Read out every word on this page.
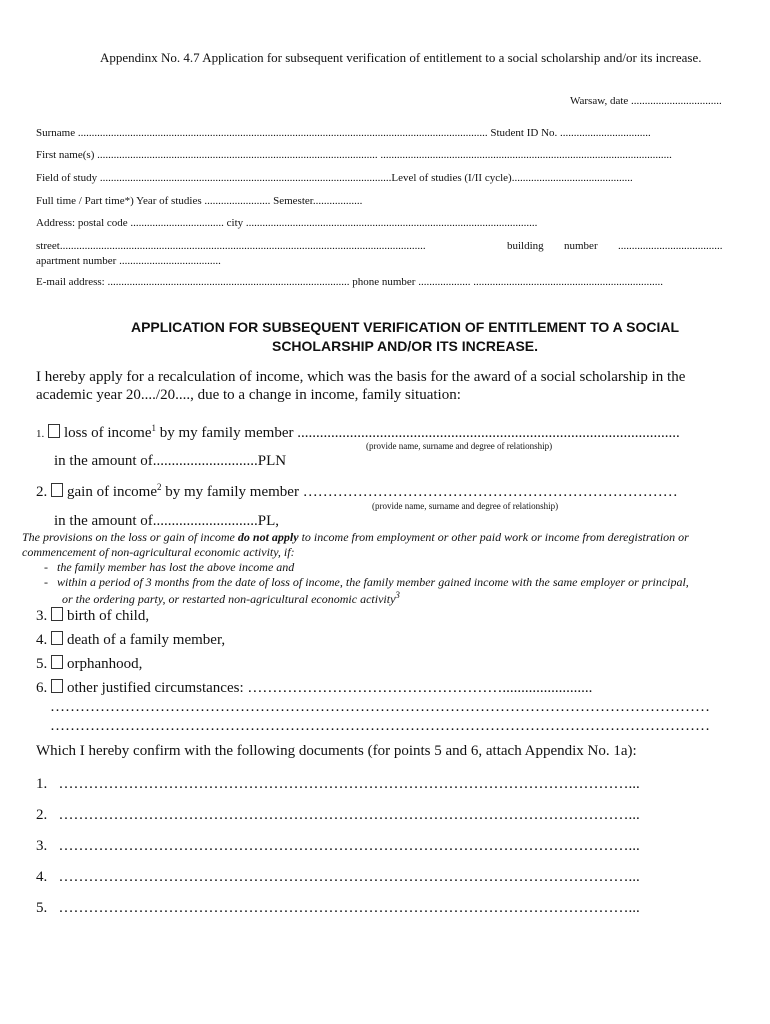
Appendinx No. 4.7 Application for subsequent verification of entitlement to a social scholarship and/or its increase.
Warsaw, date .................................
Surname ..................................................................................................................................................... Student ID No. .................................
First name(s) ...................................................................................................... ..........................................................................................................
Field of study ..........................................................................................................Level of studies (I/II cycle)............................................
Full time / Part time*) Year of studies ........................ Semester..................
Address: postal code .................................. city ..........................................................................................................
street.....................................................................................................................................	building number ......................................
apartment number .....................................
E-mail address: ........................................................................................ phone number ................... .....................................................................
APPLICATION FOR SUBSEQUENT VERIFICATION OF ENTITLEMENT TO A SOCIAL
SCHOLARSHIP AND/OR ITS INCREASE.
I hereby apply for a recalculation of income, which was the basis for the award of a social scholarship in the
academic year 20..../20...., due to a change in income, family situation:
1. loss of income$^1$ by my family member ......................................................................................................
(provide name, surname and degree of relationship)
in the amount of............................PLN
2. gain of income$^2$ by my family member …………………………………………………………………
(provide name, surname and degree of relationship)
in the amount of............................PL,
The provisions on the loss or gain of income do not apply to income from employment or other paid work or income from deregistration or
commencement of non-agricultural economic activity, if:
-   the family member has lost the above income and
-   within a period of 3 months from the date of loss of income, the family member gained income with the same employer or principal,
or the ordering party, or restarted non-agricultural economic activity$^3$
3. birth of child,
4. death of a family member,
5. orphanhood,
6. other justified circumstances: ……………………………………………........................
……………………………………………………………………………………………………………………
……………………………………………………………………………………………………………………
Which I hereby confirm with the following documents (for points 5 and 6, attach Appendix No. 1a):
1. ……………………………………………………………………………………………………...
2. ……………………………………………………………………………………………………...
3. ……………………………………………………………………………………………………...
4. ……………………………………………………………………………………………………...
5. ……………………………………………………………………………………………………...
